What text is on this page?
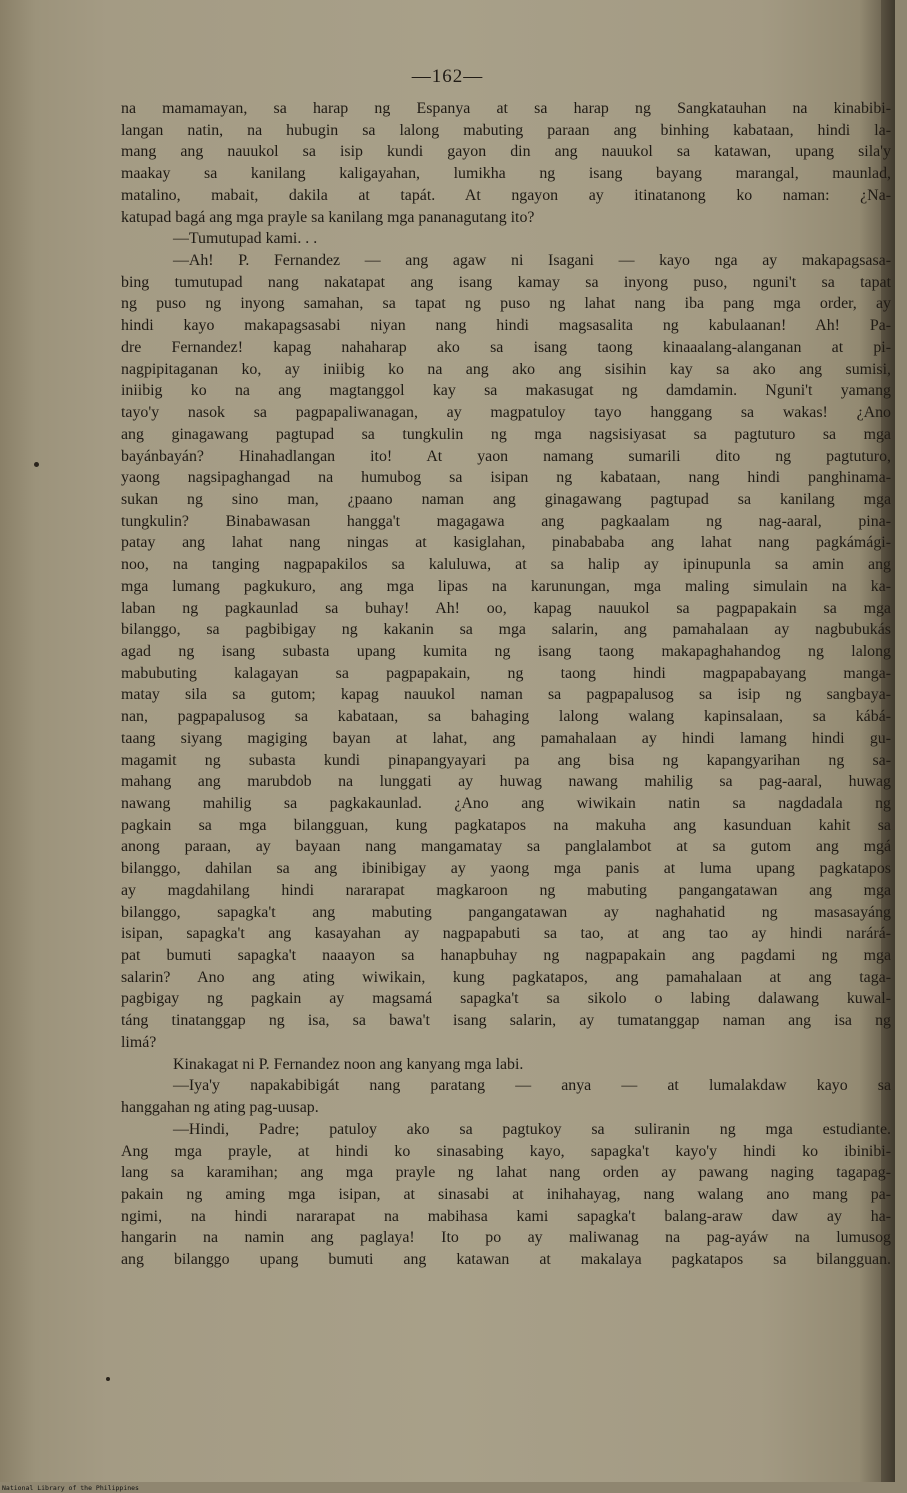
—162—
na mamamayan, sa harap ng Espanya at sa harap ng Sangkatauhan na kinabibi-
langan natin, na hubugin sa lalong mabuting paraan ang binhing kabataan, hindi la-
mang ang nauukol sa isip kundi gayon din ang nauukol sa katawan, upang sila'y
maakay sa kanilang kaligayahan, lumikha ng isang bayang marangal, maunlad,
matalino, mabait, dakila at tapát. At ngayon ay itinatanong ko naman: ¿Na-
katupad bagá ang mga prayle sa kanilang mga pananagutang ito?
—Tumutupad kami. . .
—Ah! P. Fernandez — ang agaw ni Isagani — kayo nga ay makapagsasa-
bing tumutupad nang nakatapat ang isang kamay sa inyong puso, nguni't sa tapat
ng puso ng inyong samahan, sa tapat ng puso ng lahat nang iba pang mga order, ay
hindi kayo makapagsasabi niyan nang hindi magsasalita ng kabulaanan! Ah! Pa-
dre Fernandez! kapag nahaharap ako sa isang taong kinaaalang-alanganan at pi-
nagpipitaganan ko, ay iniibig ko na ang ako ang sisihin kay sa ako ang sumisi,
iniibig ko na ang magtanggol kay sa makasugat ng damdamin. Nguni't yamang
tayo'y nasok sa pagpapaliwanagan, ay magpatuloy tayo hanggang sa wakas! ¿Ano
ang ginagawang pagtupad sa tungkulin ng mga nagsisiyasat sa pagtuturo sa mga
bayánbayán? Hinahadlangan ito! At yaon namang sumarili dito ng pagtuturo,
yaong nagsipaghangad na humubog sa isipan ng kabataan, nang hindi panghinama-
sukan ng sino man, ¿paano naman ang ginagawang pagtupad sa kanilang mga
tungkulin? Binabawasan hangga't magagawa ang pagkaalam ng nag-aaral, pina-
patay ang lahat nang ningas at kasiglahan, pinabababa ang lahat nang pagkámági-
noo, na tanging nagpapakilos sa kaluluwa, at sa halip ay ipinupunla sa amin ang
mga lumang pagkukuro, ang mga lipas na karunungan, mga maling simulain na ka-
laban ng pagkaunlad sa buhay! Ah! oo, kapag nauukol sa pagpapakain sa mga
bilanggo, sa pagbibigay ng kakanin sa mga salarin, ang pamahalaan ay nagbubukás
agad ng isang subasta upang kumita ng isang taong makapaghahandog ng lalong
mabubuting kalagayan sa pagpapakain, ng taong hindi magpapabayang manga-
matay sila sa gutom; kapag nauukol naman sa pagpapalusog sa isip ng sangbaya-
nan, pagpapalusog sa kabataan, sa bahaging lalong walang kapinsalaan, sa kábá-
taang siyang magiging bayan at lahat, ang pamahalaan ay hindi lamang hindi gu-
magamit ng subasta kundi pinapangyayari pa ang bisa ng kapangyarihan ng sa-
mahang ang marubdob na lunggati ay huwag nawang mahilig sa pag-aaral, huwag
nawang mahilig sa pagkakaunlad. ¿Ano ang wiwikain natin sa nagdadala ng
pagkain sa mga bilangguan, kung pagkatapos na makuha ang kasunduan kahit sa
anong paraan, ay bayaan nang mangamatay sa panglalambot at sa gutom ang mgá
bilanggo, dahilan sa ang ibinibigay ay yaong mga panis at luma upang pagkatapos
ay magdahilang hindi nararapat magkaroon ng mabuting pangangatawan ang mga
bilanggo, sapagka't ang mabuting pangangatawan ay naghahatid ng masasayáng
isipan, sapagka't ang kasayahan ay nagpapabuti sa tao, at ang tao ay hindi narárá-
pat bumuti sapagka't naaayon sa hanapbuhay ng nagpapakain ang pagdami ng mga
salarin? Ano ang ating wiwikain, kung pagkatapos, ang pamahalaan at ang taga-
pagbigay ng pagkain ay magsamá sapagka't sa sikolo o labing dalawang kuwal-
táng tinatanggap ng isa, sa bawa't isang salarin, ay tumatanggap naman ang isa ng
limá?
Kinakagat ni P. Fernandez noon ang kanyang mga labi.
—Iya'y napakabibigát nang paratang — anya — at lumalakdaw kayo sa
hanggahan ng ating pag-uusap.
—Hindi, Padre; patuloy ako sa pagtukoy sa suliranin ng mga estudiante.
Ang mga prayle, at hindi ko sinasabing kayo, sapagka't kayo'y hindi ko ibinibi-
lang sa karamihan; ang mga prayle ng lahat nang orden ay pawang naging tagapag-
pakain ng aming mga isipan, at sinasabi at inihahayag, nang walang ano mang pa-
ngimi, na hindi nararapat na mabihasa kami sapagka't balang-araw daw ay ha-
hangarin na namin ang paglaya! Ito po ay maliwanag na pag-ayáw na lumusog
ang bilanggo upang bumuti ang katawan at makalaya pagkatapos sa bilangguan.
National Library of the Philippines
